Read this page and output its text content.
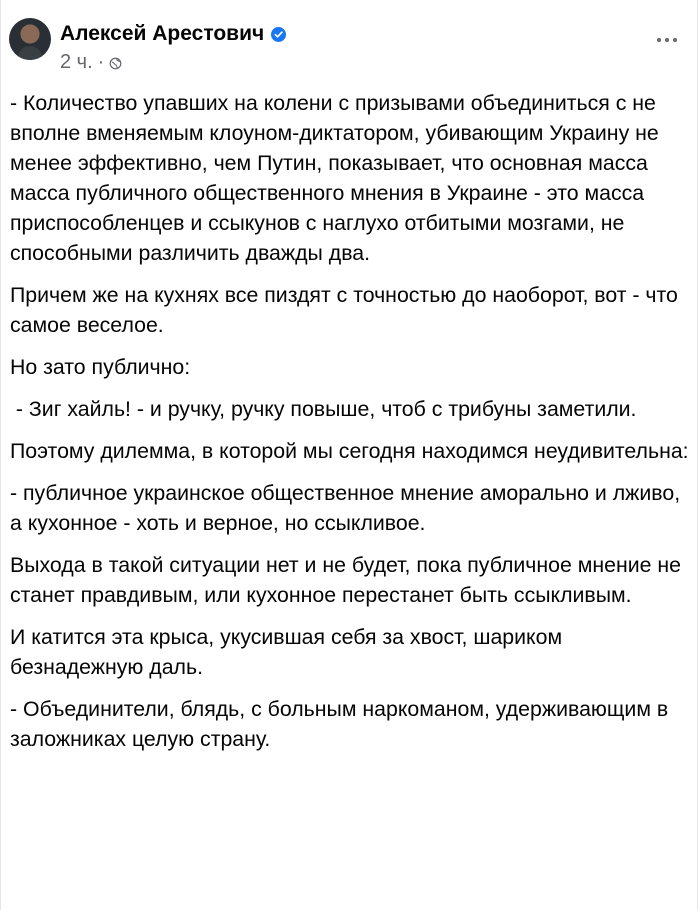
Алексей Арестович
2 ч. ·

- Количество упавших на колени с призывами объединиться с не вполне вменяемым клоуном-диктатором, убивающим Украину не менее эффективно, чем Путин, показывает, что основная масса масса публичного общественного мнения в Украине - это масса приспособленцев и ссыкунов с наглухо отбитыми мозгами, не способными различить дважды два.

Причем же на кухнях все пиздят с точностью до наоборот, вот - что самое веселое.

Но зато публично:

- Зиг хайль! - и ручку, ручку повыше, чтоб с трибуны заметили.

Поэтому дилемма, в которой мы сегодня находимся неудивительна:

- публичное украинское общественное мнение аморально и лживо, а кухонное - хоть и верное, но ссыкливое.

Выхода в такой ситуации нет и не будет, пока публичное мнение не станет правдивым, или кухонное перестанет быть ссыкливым.

И катится эта крыса, укусившая себя за хвост, шариком безнадежную даль.

- Объединители, блядь, с больным наркоманом, удерживающим в заложниках целую страну.
